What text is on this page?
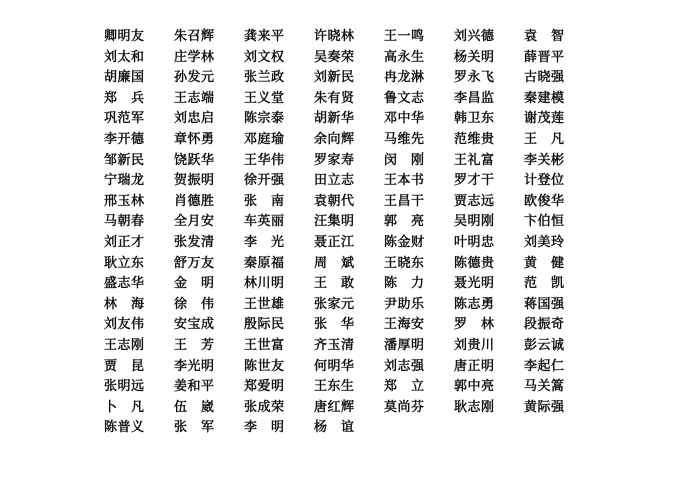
卿明友	朱召辉	龚来平	许晓林	王一鸣	刘兴德	袁　智
刘太和	庄学林	刘文权	吴奏荣	高永生	杨关明	薛晋平
胡廉国	孙发元	张兰政	刘新民	冉龙淋	罗永飞	古晓强
郑　兵	王志端	王义堂	朱有贤	鲁文志	李昌监	秦建模
巩范军	刘忠启	陈宗泰	胡新华	邓中华	韩卫东	谢茂莲
李开德	章怀勇	邓庭瑜	余向辉	马维先	范维贵	王　凡
邹新民	饶跃华	王华伟	罗家寿	闵　刚	王礼富	李关彬
宁瑞龙	贺振明	徐开强	田立志	王本书	罗才干	计登位
邢玉林	肖德胜	张　南	袁朝代	王昌干	贾志远	欧俊华
马朝春	全月安	车英丽	汪集明	郭　亮	吴明刚	卞伯恒
刘正才	张发清	李　光	聂正江	陈金财	叶明忠	刘美玲
耿立东	舒万友	秦原福	周　斌	王晓东	陈德贵	黄　健
盛志华	金　明	林川明	王　敢	陈　力	聂光明	范　凯
林　海	徐　伟	王世雄	张家元	尹助乐	陈志勇	蒋国强
刘友伟	安宝成	殷际民	张　华	王海安	罗　林	段振奇
王志刚	王　芳	王世富	齐玉清	潘厚明	刘贵川	彭云诚
贾　昆	李光明	陈世友	何明华	刘志强	唐正明	李起仁
张明远	姜和平	郑爱明	王东生	郑　立	郭中亮	马关篙
卜　凡	伍　崴	张成荣	唐红辉	莫尚芬	耿志刚	黄际强
陈普义	张　军	李　明	杨　谊
